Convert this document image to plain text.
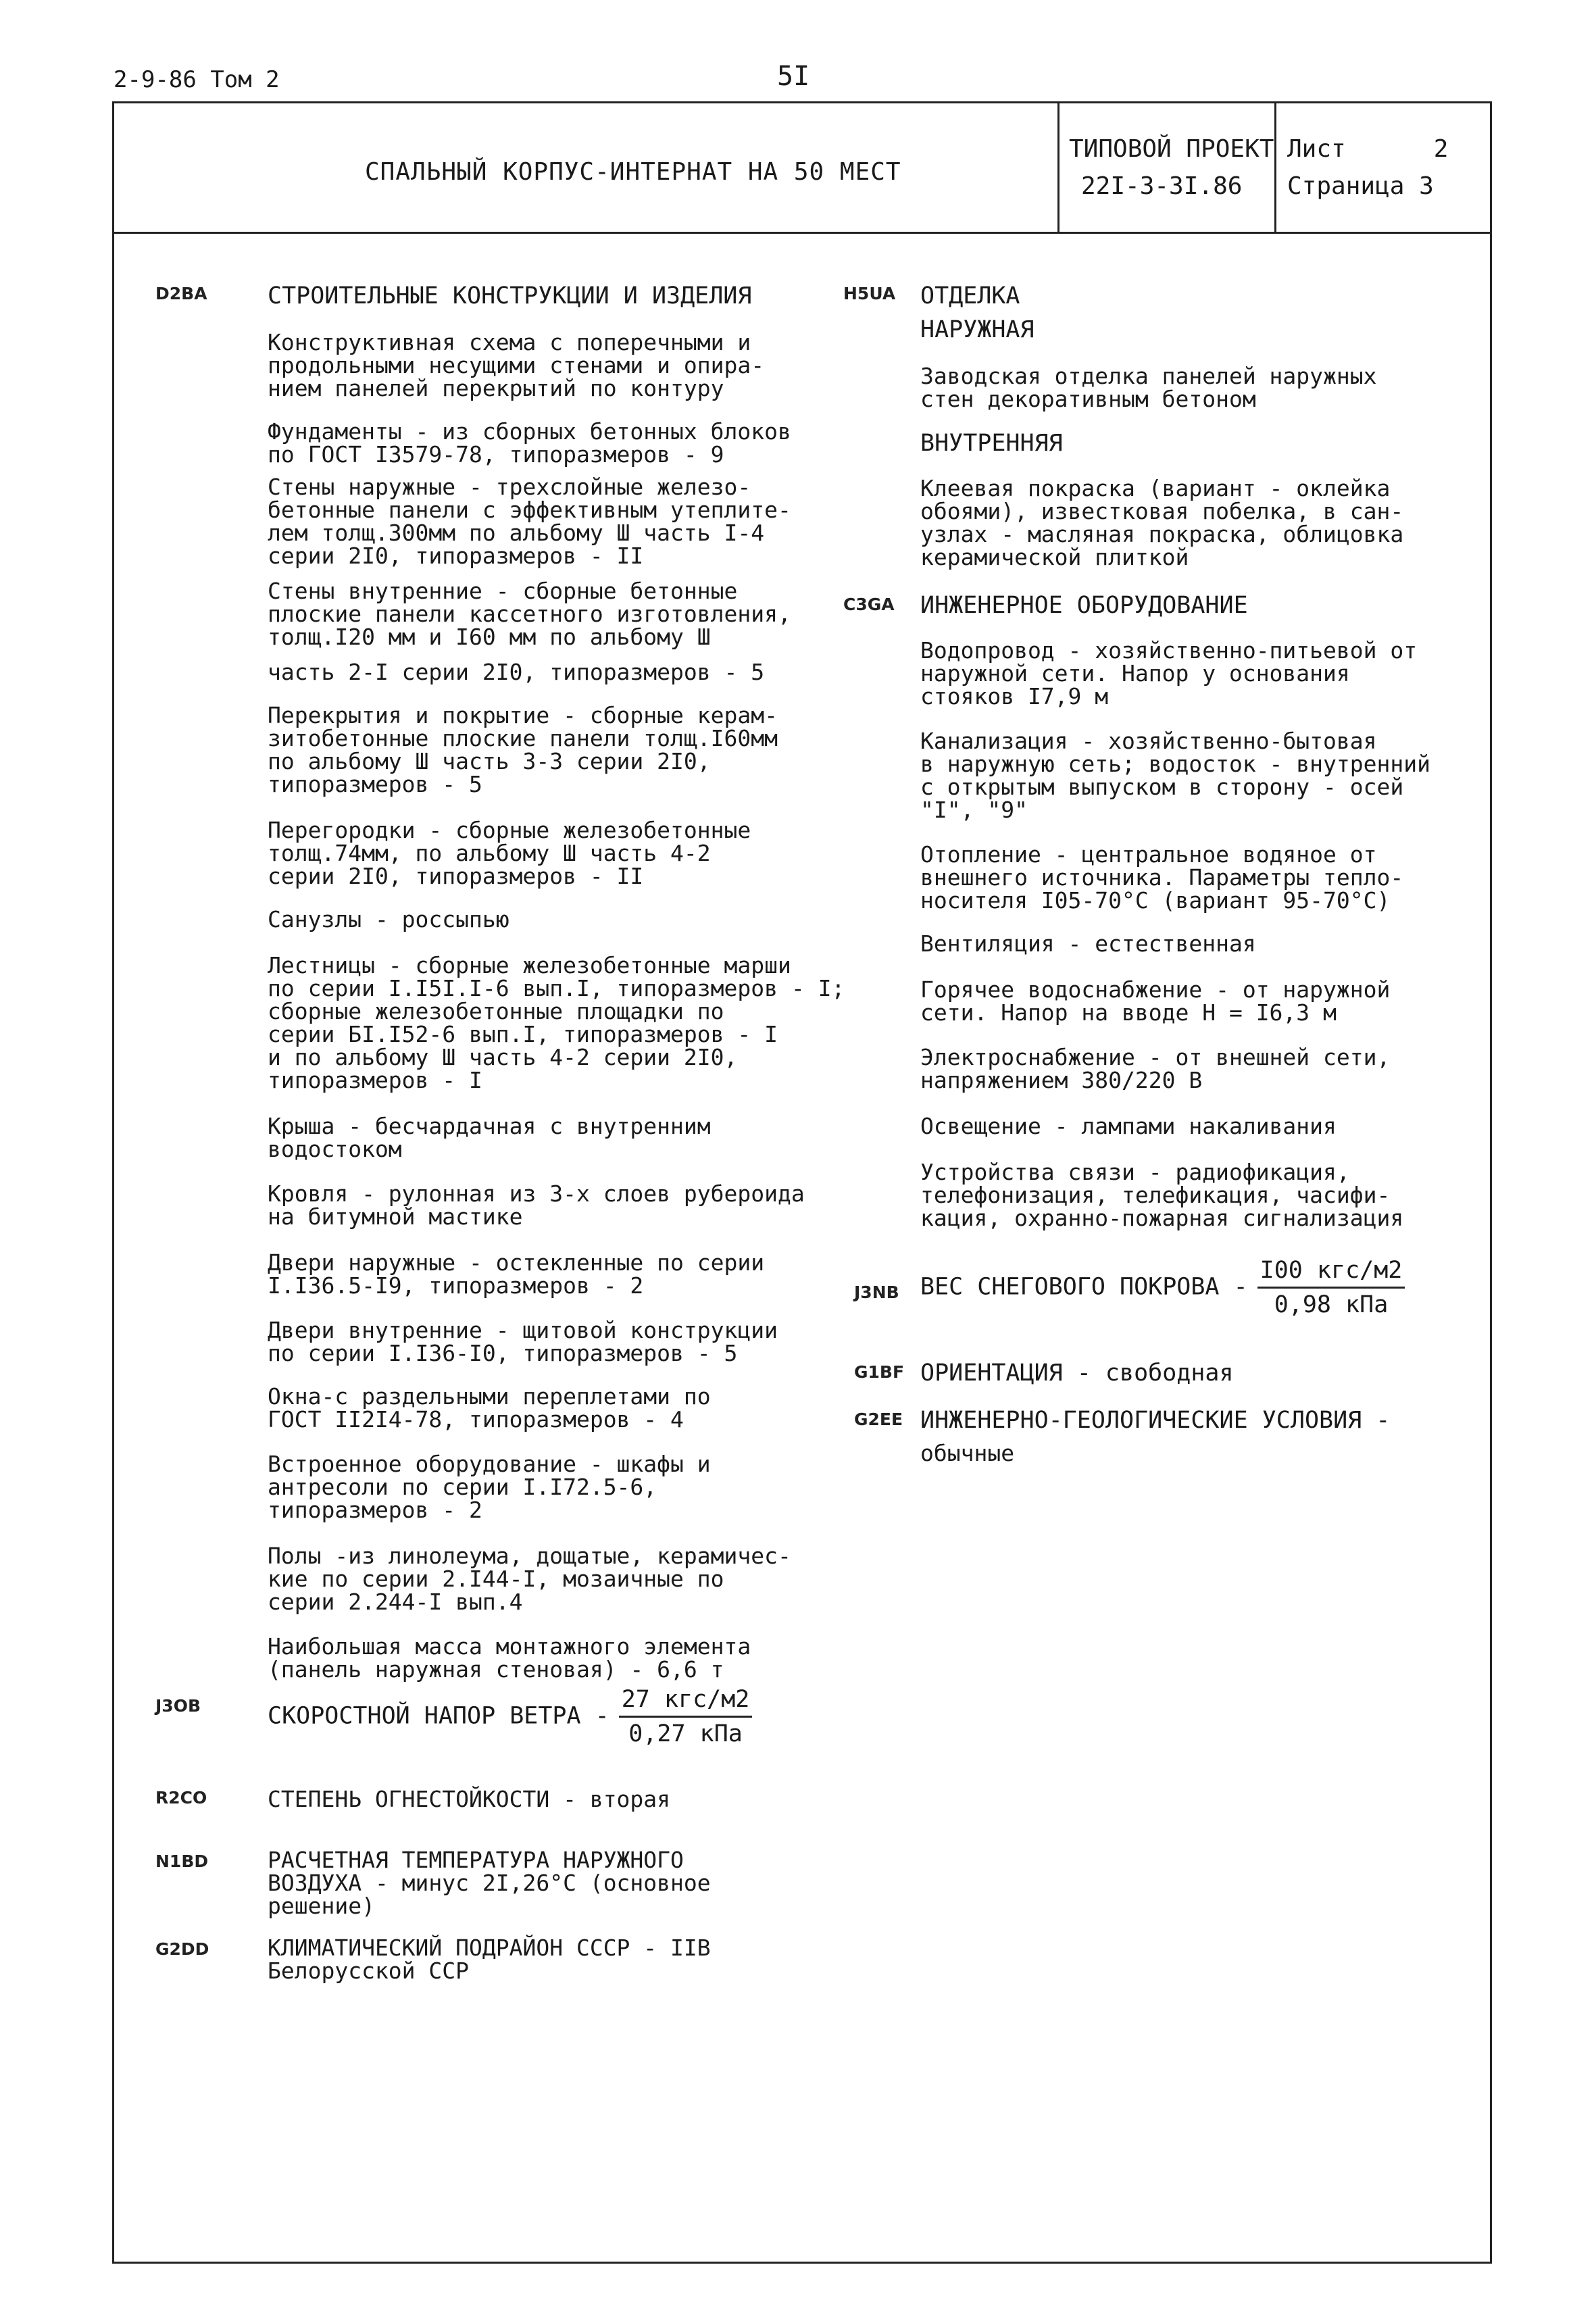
2-9-86 Том 2	5I
СПАЛЬНЫЙ КОРПУС-ИНТЕРНАТ НА 50 МЕСТ
ТИПОВОЙ ПРОЕКТ
22I-3-3I.86
Лист      2
Страница 3
D2BA	СТРОИТЕЛЬНЫЕ КОНСТРУКЦИИ И ИЗДЕЛИЯ
Конструктивная схема с поперечными и
продольными несущими стенами и опира-
нием панелей перекрытий по контуру
Фундаменты - из сборных бетонных блоков
по ГОСТ I3579-78, типоразмеров - 9
Стены наружные - трехслойные железо-
бетонные панели с эффективным утеплите-
лем толщ.300мм по альбому Ш часть I-4
серии 2I0, типоразмеров - II
Стены внутренние - сборные бетонные
плоские панели кассетного изготовления,
толщ.I20 мм и I60 мм по альбому Ш
часть 2-I серии 2I0, типоразмеров - 5
Перекрытия и покрытие - сборные керам-
зитобетонные плоские панели толщ.I60мм
по альбому Ш часть 3-3 серии 2I0,
типоразмеров - 5
Перегородки - сборные железобетонные
толщ.74мм, по альбому Ш часть 4-2
серии 2I0, типоразмеров - II
Санузлы - россыпью
Лестницы - сборные железобетонные марши
по серии I.I5I.I-6 вып.I, типоразмеров - I;
сборные железобетонные площадки по
серии БI.I52-6 вып.I, типоразмеров - I
и по альбому Ш часть 4-2 серии 2I0,
типоразмеров - I
Крыша - бесчардачная с внутренним
водостоком
Кровля - рулонная из 3-х слоев рубероида
на битумной мастике
Двери наружные - остекленные по серии
I.I36.5-I9, типоразмеров - 2
Двери внутренние - щитовой конструкции
по серии I.I36-I0, типоразмеров - 5
Окна-с раздельными переплетами по
ГОСТ II2I4-78, типоразмеров - 4
Встроенное оборудование - шкафы и
антресоли по серии I.I72.5-6,
типоразмеров - 2
Полы -из линолеума, дощатые, керамичес-
кие по серии 2.I44-I, мозаичные по
серии 2.244-I вып.4
Наибольшая масса монтажного элемента
(панель наружная стеновая) - 6,6 т
J3OB	СКОРОСТНОЙ НАПОР ВЕТРА - $\frac{\text{27 кгс/м2}}{\text{0,27 кПа}}$
R2CO	СТЕПЕНЬ ОГНЕСТОЙКОСТИ - вторая
N1BD	РАСЧЕТНАЯ ТЕМПЕРАТУРА НАРУЖНОГО
ВОЗДУХА - минус 2I,26°С (основное
решение)
G2DD	КЛИМАТИЧЕСКИЙ ПОДРАЙОН СССР - IIВ
Белорусской ССР
H5UA ОТДЕЛКА
НАРУЖНАЯ
Заводская отделка панелей наружных
стен декоративным бетоном
ВНУТРЕННЯЯ
Клеевая покраска (вариант - оклейка
обоями), известковая побелка, в сан-
узлах - масляная покраска, облицовка
керамической плиткой
C3GA ИНЖЕНЕРНОЕ ОБОРУДОВАНИЕ
Водопровод - хозяйственно-питьевой от
наружной сети. Напор у основания
стояков I7,9 м
Канализация - хозяйственно-бытовая
в наружную сеть; водосток - внутренний
с открытым выпуском в сторону - осей
"I", "9"
Отопление - центральное водяное от
внешнего источника. Параметры тепло-
носителя I05-70°С (вариант 95-70°С)
Вентиляция - естественная
Горячее водоснабжение - от наружной
сети. Напор на вводе Н = I6,3 м
Электроснабжение - от внешней сети,
напряжением 380/220 В
Освещение - лампами накаливания
Устройства связи - радиофикация,
телефонизация, телефикация, часифи-
кация, охранно-пожарная сигнализация
J3NB ВЕС СНЕГОВОГО ПОКРОВА - $\frac{\text{I00 кгс/м2}}{\text{0,98 кПа}}$
G1BF ОРИЕНТАЦИЯ - свободная
G2EE ИНЖЕНЕРНО-ГЕОЛОГИЧЕСКИЕ УСЛОВИЯ -
обычные
